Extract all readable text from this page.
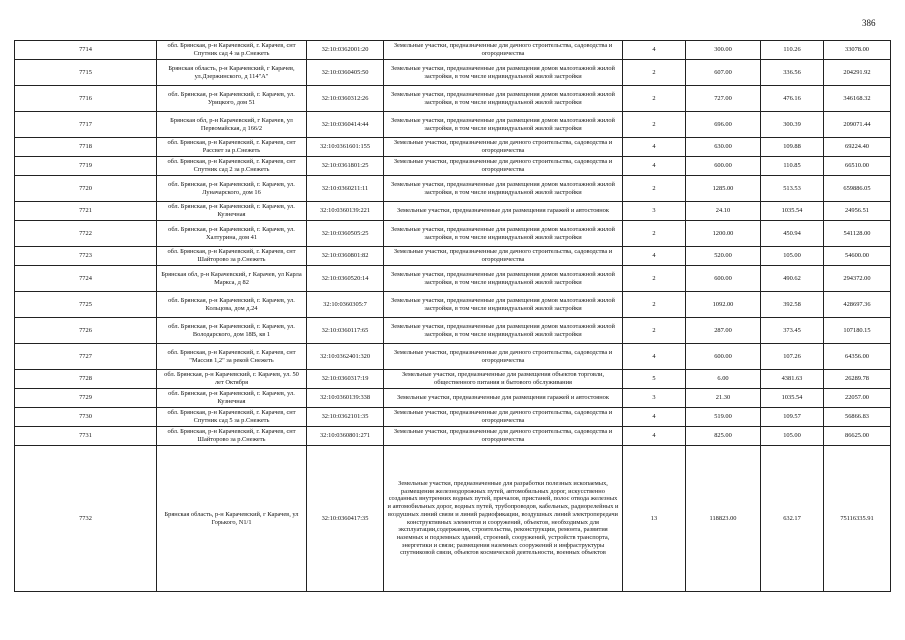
386
7714	обл. Брянская, р-н Карачевский, г. Карачев, снт Спутник сад 4 за р.Снежеть	32:10:0362001:20	Земельные участки, предназначенные для дачного строительства, садоводства и огородничества	4	300.00	110.26	33078.00
7715	Брянская область, р-н Карачевский, г Карачев, ул.Дзержинского, д 114"А"	32:10:0360405:50	Земельные участки, предназначенные для размещения домов малоэтажной жилой застройки, в том числе индивидуальной жилой застройки	2	607.00	336.56	204291.92
7716	обл. Брянская, р-н Карачевский, г. Карачев, ул. Урицкого, дом 51	32:10:0360312:26	Земельные участки, предназначенные для размещения домов малоэтажной жилой застройки, в том числе индивидуальной жилой застройки	2	727.00	476.16	346168.32
7717	Брянская обл, р-н Карачевский, г Карачев, ул Первомайская, д 166/2	32:10:0360414:44	Земельные участки, предназначенные для размещения домов малоэтажной жилой застройки, в том числе индивидуальной жилой застройки	2	696.00	300.39	209071.44
7718	обл. Брянская, р-н Карачевский, г. Карачев, снт Рассвет за р.Снежеть	32:10:0361601:155	Земельные участки, предназначенные для дачного строительства, садоводства и огородничества	4	630.00	109.88	69224.40
7719	обл. Брянская, р-н Карачевский, г. Карачев, снт Спутник сад 2 за р.Снежеть	32:10:0361801:25	Земельные участки, предназначенные для дачного строительства, садоводства и огородничества	4	600.00	110.85	66510.00
7720	обл. Брянская, р-н Карачевский, г. Карачев, ул. Луначарского, дом 16	32:10:0360211:11	Земельные участки, предназначенные для размещения домов малоэтажной жилой застройки, в том числе индивидуальной жилой застройки	2	1285.00	513.53	659886.05
7721	обл. Брянская, р-н Карачевский, г. Карачев, ул. Кузнечная	32:10:0360139:221	Земельные участки, предназначенные для размещения гаражей и автостоянок	3	24.10	1035.54	24956.51
7722	обл. Брянская, р-н Карачевский, г. Карачев, ул. Халтурина, дом 41	32:10:0360505:25	Земельные участки, предназначенные для размещения домов малоэтажной жилой застройки, в том числе индивидуальной жилой застройки	2	1200.00	450.94	541128.00
7723	обл. Брянская, р-н Карачевский, г. Карачев, снт Шайторово за р.Снежеть	32:10:0360801:82	Земельные участки, предназначенные для дачного строительства, садоводства и огородничества	4	520.00	105.00	54600.00
7724	Брянская обл, р-н Карачевский, г Карачев, ул Карла Маркса, д 82	32:10:0360520:14	Земельные участки, предназначенные для размещения домов малоэтажной жилой застройки, в том числе индивидуальной жилой застройки	2	600.00	490.62	294372.00
7725	обл. Брянская, р-н Карачевский, г. Карачев, ул. Кольцова, дом д.24	32:10:0360305:7	Земельные участки, предназначенные для размещения домов малоэтажной жилой застройки, в том числе индивидуальной жилой застройки	2	1092.00	392.58	428697.36
7726	обл. Брянская, р-н Карачевский, г. Карачев, ул. Володарского, дом 18В, кв 1	32:10:0360117:65	Земельные участки, предназначенные для размещения домов малоэтажной жилой застройки, в том числе индивидуальной жилой застройки	2	287.00	373.45	107180.15
7727	обл. Брянская, р-н Карачевский, г. Карачев, снт "Массив 1,2" за рекой Снежеть	32:10:0362401:320	Земельные участки, предназначенные для дачного строительства, садоводства и огородничества	4	600.00	107.26	64356.00
7728	обл. Брянская, р-н Карачевский, г. Карачев, ул. 50 лет Октября	32:10:0360317:19	Земельные участки, предназначенные для размещения объектов торговли, общественного питания и бытового обслуживания	5	6.00	4381.63	26289.78
7729	обл. Брянская, р-н Карачевский, г. Карачев, ул. Кузнечная	32:10:0360139:338	Земельные участки, предназначенные для размещения гаражей и автостоянок	3	21.30	1035.54	22057.00
7730	обл. Брянская, р-н Карачевский, г. Карачев, снт Спутник сад 5 за р.Снежеть	32:10:0362101:35	Земельные участки, предназначенные для дачного строительства, садоводства и огородничества	4	519.00	109.57	56866.83
7731	обл. Брянская, р-н Карачевский, г. Карачев, снт Шайторово за р.Снежеть	32:10:0360801:271	Земельные участки, предназначенные для дачного строительства, садоводства и огородничества	4	825.00	105.00	86625.00
7732	Брянская область, р-н Карачевский, г Карачев, ул Горького, N1/1	32:10:0360417:35	Земельные участки, предназначенные для разработки полезных ископаемых, размещения железнодорожных путей, автомобильных дорог, искусственно созданных внутренних водных путей, причалов, пристаней, полос отвода железных и автомобильных дорог, водных путей, трубопроводов, кабельных, радиорелейных и воздушных линий связи и линий радиофикации, воздушных линий электропередачи конструктивных элементов и сооружений, объектов, необходимых для эксплуатации,содержания, строительства, реконструкции, ремонта, развития наземных и подземных зданий, строений, сооружений, устройств транспорта, энергетики и связи; размещения наземных сооружений и инфраструктуры спутниковой связи, объектов космической деятельности, военных объектов	13	118823.00	632.17	75116335.91
